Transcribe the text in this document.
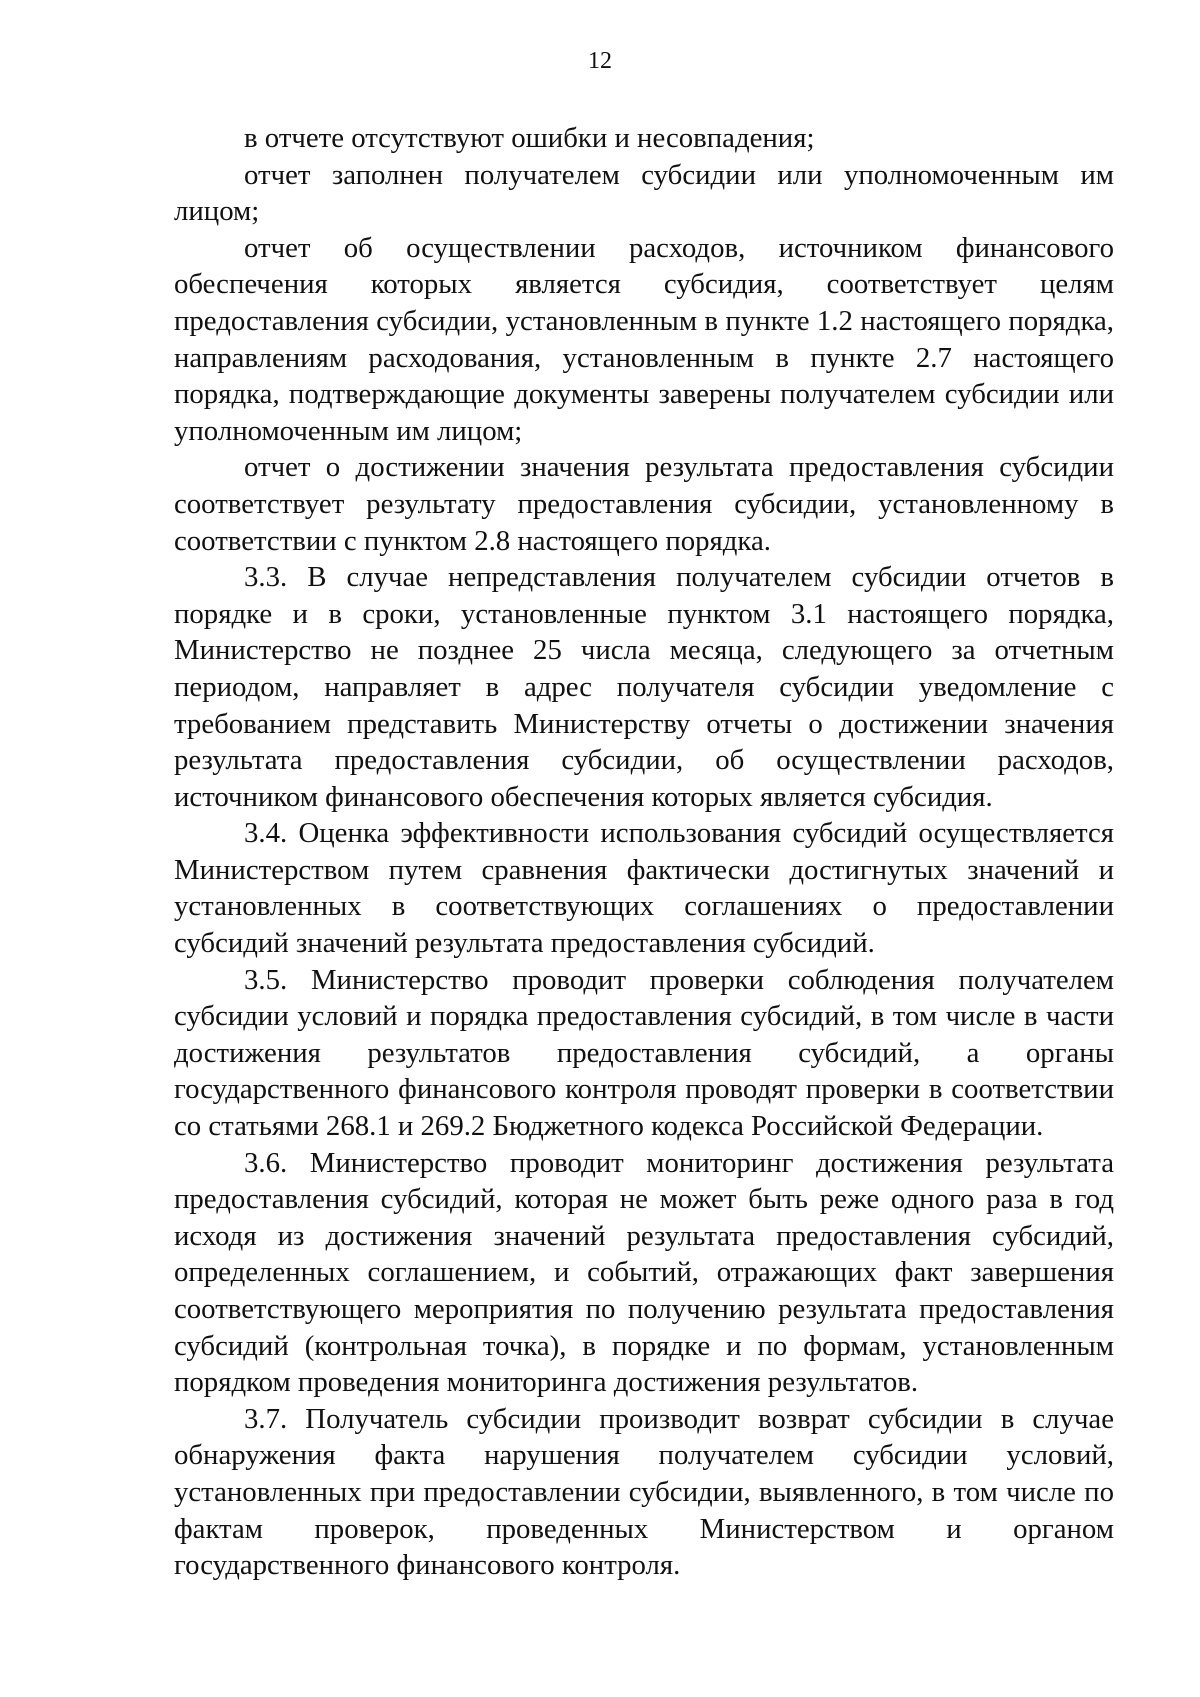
12

в отчете отсутствуют ошибки и несовпадения;

отчет заполнен получателем субсидии или уполномоченным им лицом;

отчет об осуществлении расходов, источником финансового обеспечения которых является субсидия, соответствует целям предоставления субсидии, установленным в пункте 1.2 настоящего порядка, направлениям расходования, установленным в пункте 2.7 настоящего порядка, подтверждающие документы заверены получателем субсидии или уполномоченным им лицом;

отчет о достижении значения результата предоставления субсидии соответствует результату предоставления субсидии, установленному в соответствии с пунктом 2.8 настоящего порядка.

3.3. В случае непредставления получателем субсидии отчетов в порядке и в сроки, установленные пунктом 3.1 настоящего порядка, Министерство не позднее 25 числа месяца, следующего за отчетным периодом, направляет в адрес получателя субсидии уведомление с требованием представить Министерству отчеты о достижении значения результата предоставления субсидии, об осуществлении расходов, источником финансового обеспечения которых является субсидия.

3.4. Оценка эффективности использования субсидий осуществляется Министерством путем сравнения фактически достигнутых значений и установленных в соответствующих соглашениях о предоставлении субсидий значений результата предоставления субсидий.

3.5. Министерство проводит проверки соблюдения получателем субсидии условий и порядка предоставления субсидий, в том числе в части достижения результатов предоставления субсидий, а органы государственного финансового контроля проводят проверки в соответствии со статьями 268.1 и 269.2 Бюджетного кодекса Российской Федерации.

3.6. Министерство проводит мониторинг достижения результата предоставления субсидий, которая не может быть реже одного раза в год исходя из достижения значений результата предоставления субсидий, определенных соглашением, и событий, отражающих факт завершения соответствующего мероприятия по получению результата предоставления субсидий (контрольная точка), в порядке и по формам, установленным порядком проведения мониторинга достижения результатов.

3.7. Получатель субсидии производит возврат субсидии в случае обнаружения факта нарушения получателем субсидии условий, установленных при предоставлении субсидии, выявленного, в том числе по фактам проверок, проведенных Министерством и органом государственного финансового контроля.
